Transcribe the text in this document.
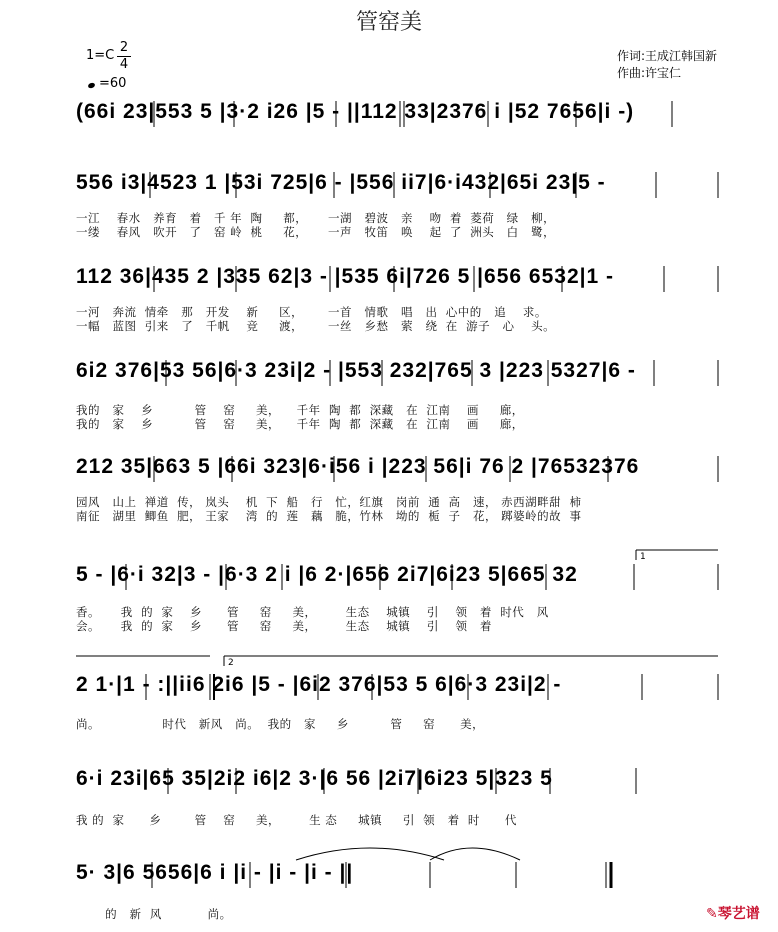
管窑美
1=C
2
4
=60
作词:王成江韩国新
作曲:许宝仁
(66i 23|553 5 |3·2 i26 |5 - ||112 33|2376 i |52 7656|i -)
556 i3|4523 1 |53i 725|6 - |556 ii7|6·i432|65i 23|5 -
一江    春水   养育   着   千 年  陶     都，     一湖   碧波   亲    吻  着  菱荷   绿   柳，
一缕    春风   吹开   了   窑 岭  桃     花，     一声   牧笛   唤    起  了  洲头   白   鹭，
112 36|435 2 |335 62|3 - |535 6i|726 5 |656 6532|1 -
一河   奔流  情牵   那   开发    新     区，      一首   情歌   唱   出  心中的   追    求。
一幅   蓝图  引来   了   千帆    竞     渡，      一丝   乡愁   萦   绕  在  游子   心    头。
6i2 376|53 56|6·3 23i|2 - |553 232|765 3 |223 5327|6 -
我的   家    乡          管    窑     美，    千年  陶  都  深藏   在  江南    画     廊，
我的   家    乡          管    窑     美，    千年  陶  都  深藏   在  江南    画     廊，
212 35|663 5 |66i 323|6·i56 i |223 56|i 76 2 |76532376
园风   山上  禅道  传， 岚头    机  下  船   行   忙，红旗   岗前  通  高   速， 赤西湖畔甜  柿
南征   湖里  鲫鱼  肥， 王家    湾  的  莲   藕   脆，竹林   坳的  栀  子   花， 踯婆岭的故  事
1
5 - |6·i 32|3 - |6·3 2 i |6 2·|656 2i7|6i23 5|665 32
香。     我  的  家    乡      管     窑     美，       生态    城镇    引    领   着  时代   风
会。     我  的  家    乡      管     窑     美，       生态    城镇    引    领   着
2
2 1·|1 - :||ii6 2i6 |5 - |6i2 376|53 5 6|6·3 23i|2 -
尚。               时代   新风   尚。  我的   家     乡          管     窑      美，
6·i 23i|65 35|2i2 i6|2 3·|6 56 |2i7|6i23 5|323 5
我 的  家      乡        管    窑     美，       生 态     城镇     引  领   着  时      代
5· 3|6 5656|6 i |i - |i - |i - ||
的   新  风           尚。	✎琴艺谱
